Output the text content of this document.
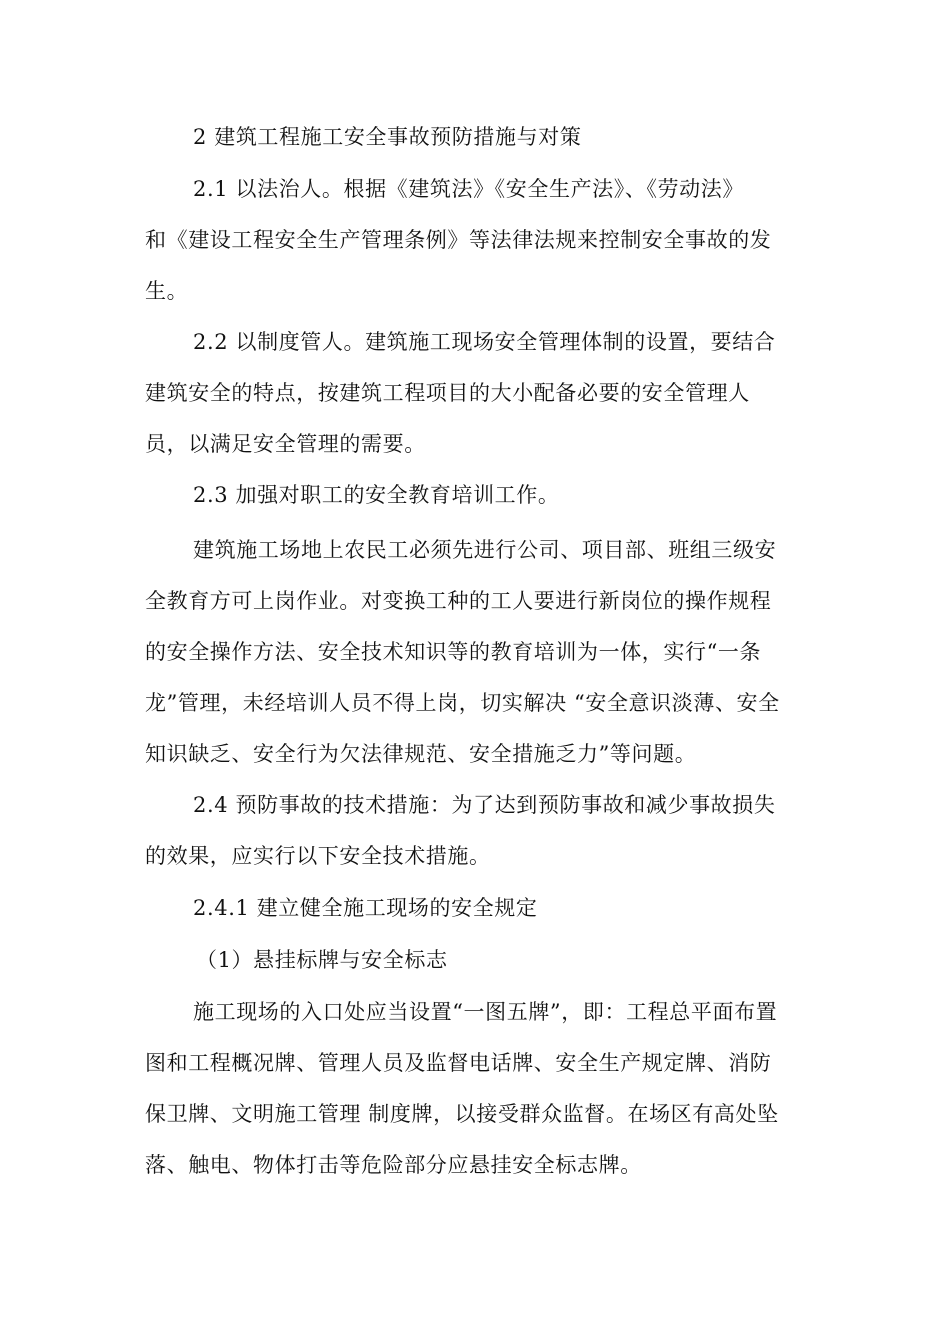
2 建筑工程施工安全事故预防措施与对策
2.1 以法治人。根据《建筑法》《安全生产法》、《劳动法》
和《建设工程安全生产管理条例》等法律法规来控制安全事故的发
生。
2.2 以制度管人。建筑施工现场安全管理体制的设置，要结合
建筑安全的特点，按建筑工程项目的大小配备必要的安全管理人
员，以满足安全管理的需要。
2.3 加强对职工的安全教育培训工作。
建筑施工场地上农民工必须先进行公司、项目部、班组三级安
全教育方可上岗作业。对变换工种的工人要进行新岗位的操作规程
的安全操作方法、安全技术知识等的教育培训为一体，实行“一条
龙”管理，未经培训人员不得上岗，切实解决 “安全意识淡薄、安全
知识缺乏、安全行为欠法律规范、安全措施乏力”等问题。
2.4 预防事故的技术措施：为了达到预防事故和减少事故损失
的效果，应实行以下安全技术措施。
2.4.1 建立健全施工现场的安全规定
（1）悬挂标牌与安全标志
施工现场的入口处应当设置“一图五牌”，即：工程总平面布置
图和工程概况牌、管理人员及监督电话牌、安全生产规定牌、消防
保卫牌、文明施工管理 制度牌，以接受群众监督。在场区有高处坠
落、触电、物体打击等危险部分应悬挂安全标志牌。
